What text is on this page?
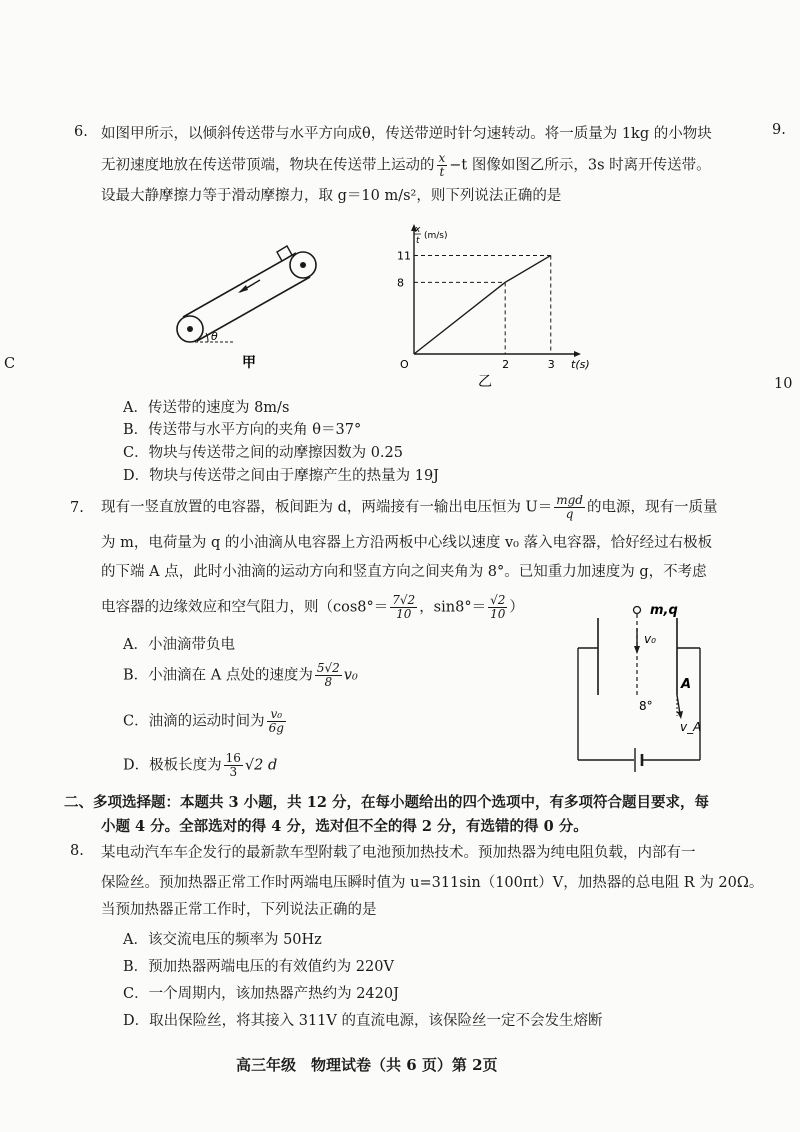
9.
C
10
6. 如图甲所示，以倾斜传送带与水平方向成θ，传送带逆时针匀速转动。将一质量为 1kg 的小物块
无初速度地放在传送带顶端，物块在传送带上运动的 $\frac{x}{t} -t$ 图像如图乙所示，3s 时离开传送带。
设最大静摩擦力等于滑动摩擦力，取 g＝10 m/s²，则下列说法正确的是
θ
甲	2	3
8
11
O	t(s)
x
t (m/s)
乙
A．传送带的速度为 8m/s
B．传送带与水平方向的夹角 θ＝37°
C．物块与传送带之间的动摩擦因数为 0.25
D．物块与传送带之间由于摩擦产生的热量为 19J
7. 现有一竖直放置的电容器，板间距为 d，两端接有一输出电压恒为 $U= \frac{\text{mgd}}{q}$ 的电源，现有一质量
为 m，电荷量为 q 的小油滴从电容器上方沿两板中心线以速度 v₀ 落入电容器，恰好经过右极板
的下端 A 点，此时小油滴的运动方向和竖直方向之间夹角为 8°。已知重力加速度为 g，不考虑
电容器的边缘效应和空气阻力，则（$\cos 8^\circ= \frac{7√2}{10}$ ，$\sin 8^\circ= \frac{√2}{10}$ ）
A．小油滴带负电
B．小油滴在 A 点处的速度为 $\frac{5√2}{8} v_0$
C．油滴的运动时间为 $\frac{\text{v₀}}{6g}$
D．极板长度为 $\frac{16}{3} √2$ d
m,q
v₀
A
8°
v_A
二、多项选择题：本题共 3 小题，共 12 分，在每小题给出的四个选项中，有多项符合题目要求，每
小题 4 分。全部选对的得 4 分，选对但不全的得 2 分，有选错的得 0 分。
8. 某电动汽车车企发行的最新款车型附载了电池预加热技术。预加热器为纯电阻负载，内部有一
保险丝。预加热器正常工作时两端电压瞬时值为 u=311sin（100πt）V，加热器的总电阻 R 为 20Ω。
当预加热器正常工作时，下列说法正确的是
A．该交流电压的频率为 50Hz
B．预加热器两端电压的有效值约为 220V
C．一个周期内，该加热器产热约为 2420J
D．取出保险丝，将其接入 311V 的直流电源，该保险丝一定不会发生熔断
高三年级　物理试卷（共 6 页）第 2页
